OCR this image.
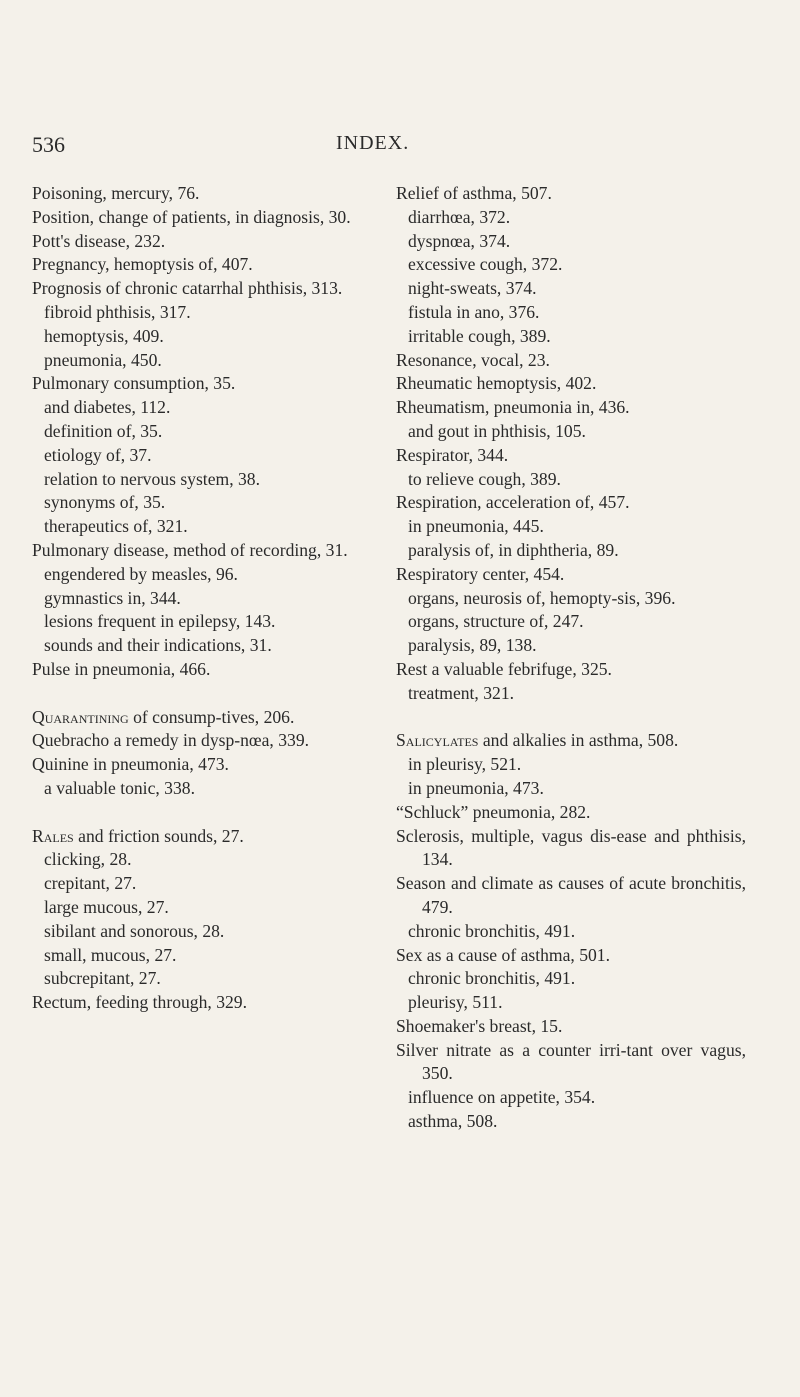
536	INDEX.
Poisoning, mercury, 76.
Position, change of patients, in diagnosis, 30.
Pott's disease, 232.
Pregnancy, hemoptysis of, 407.
Prognosis of chronic catarrhal phthisis, 313.
fibroid phthisis, 317.
hemoptysis, 409.
pneumonia, 450.
Pulmonary consumption, 35.
and diabetes, 112.
definition of, 35.
etiology of, 37.
relation to nervous system, 38.
synonyms of, 35.
therapeutics of, 321.
Pulmonary disease, method of recording, 31.
engendered by measles, 96.
gymnastics in, 344.
lesions frequent in epilepsy, 143.
sounds and their indications, 31.
Pulse in pneumonia, 466.
Quarantining of consump-tives, 206.
Quebracho a remedy in dysp-nœa, 339.
Quinine in pneumonia, 473.
a valuable tonic, 338.
Rales and friction sounds, 27.
clicking, 28.
crepitant, 27.
large mucous, 27.
sibilant and sonorous, 28.
small, mucous, 27.
subcrepitant, 27.
Rectum, feeding through, 329.
Relief of asthma, 507.
diarrhœa, 372.
dyspnœa, 374.
excessive cough, 372.
night-sweats, 374.
fistula in ano, 376.
irritable cough, 389.
Resonance, vocal, 23.
Rheumatic hemoptysis, 402.
Rheumatism, pneumonia in, 436.
and gout in phthisis, 105.
Respirator, 344.
to relieve cough, 389.
Respiration, acceleration of, 457.
in pneumonia, 445.
paralysis of, in diphtheria, 89.
Respiratory center, 454.
organs, neurosis of, hemopty-sis, 396.
organs, structure of, 247.
paralysis, 89, 138.
Rest a valuable febrifuge, 325.
treatment, 321.
Salicylates and alkalies in asthma, 508.
in pleurisy, 521.
in pneumonia, 473.
“Schluck” pneumonia, 282.
Sclerosis, multiple, vagus dis-ease and phthisis, 134.
Season and climate as causes of acute bronchitis, 479.
chronic bronchitis, 491.
Sex as a cause of asthma, 501.
chronic bronchitis, 491.
pleurisy, 511.
Shoemaker's breast, 15.
Silver nitrate as a counter irri-tant over vagus, 350.
influence on appetite, 354.
asthma, 508.
